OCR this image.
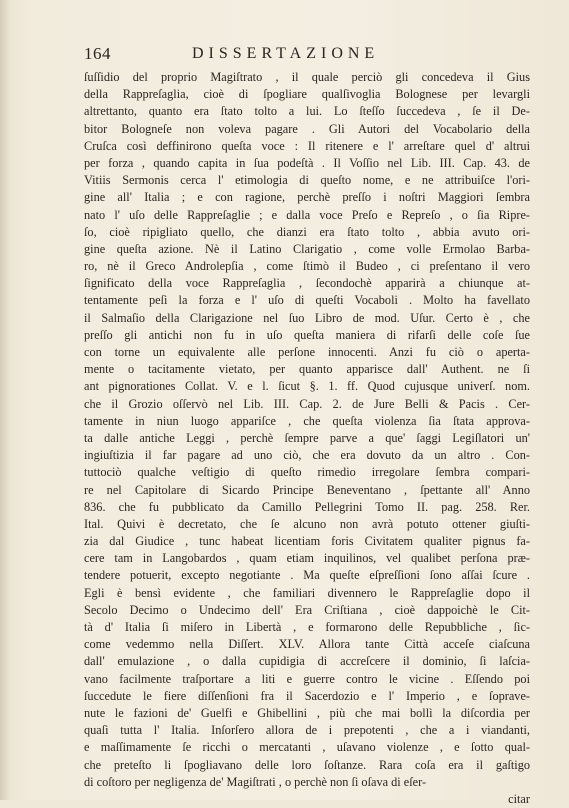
164	DISSERTAZIONE
ſuſſidio del proprio Magiſtrato , il quale perciò gli concedeva il Gius
della Rappreſaglia, cioè di ſpogliare qualſivoglia Bolognese per levargli
altrettanto, quanto era ſtato tolto a lui. Lo ſteſſo ſuccedeva , ſe il De-
bitor Bologneſe non voleva pagare . Gli Autori del Vocabolario della
Cruſca così deffinirono queſta voce : Il ritenere e l' arreſtare quel d' altrui
per forza , quando capita in ſua podeſtà . Il Voſſio nel Lib. III. Cap. 43. de
Vitiis Sermonis cerca l' etimologia di queſto nome, e ne attribuiſce l'ori-
gine all' Italia ; e con ragione, perchè preſſo i noſtri Maggiori ſembra
nato l' uſo delle Rappreſaglie ; e dalla voce Preſo e Repreſo , o ſia Ripre-
ſo, cioè ripigliato quello, che dianzi era ſtato tolto , abbia avuto ori-
gine queſta azione. Nè il Latino Clarigatio , come volle Ermolao Barba-
ro, nè il Greco Androlepſia , come ſtimò il Budeo , ci preſentano il vero
ſignificato della voce Rappreſaglia , ſecondochè apparirà a chiunque at-
tentamente peſi la forza e l' uſo di queſti Vocaboli . Molto ha favellato
il Salmaſio della Clarigazione nel ſuo Libro de mod. Uſur. Certo è , che
preſſo gli antichi non fu in uſo queſta maniera di rifarſi delle coſe ſue
con torne un equivalente alle perſone innocenti. Anzi fu ciò o aperta-
mente o tacitamente vietato, per quanto apparisce dall' Authent. ne ſi
ant pignorationes Collat. V. e l. ſicut §. 1. ff. Quod cujusque univerſ. nom.
che il Grozio oſſervò nel Lib. III. Cap. 2. de Jure Belli & Pacis . Cer-
tamente in niun luogo appariſce , che queſta violenza ſia ſtata approva-
ta dalle antiche Leggi , perchè ſempre parve a que' ſaggi Legiſlatori un'
ingiuſtizia il far pagare ad uno ciò, che era dovuto da un altro . Con-
tuttociò qualche veſtigio di queſto rimedio irregolare ſembra compari-
re nel Capitolare di Sicardo Principe Beneventano , ſpettante all' Anno
836. che fu pubblicato da Camillo Pellegrini Tomo II. pag. 258. Rer.
Ital. Quivi è decretato, che ſe alcuno non avrà potuto ottener giuſti-
zia dal Giudice , tunc habeat licentiam foris Civitatem qualiter pignus fa-
cere tam in Langobardos , quam etiam inquilinos, vel qualibet perſona præ-
tendere potuerit, excepto negotiante . Ma queſte eſpreſſioni ſono aſſai ſcure .
Egli è bensì evidente , che familiari divennero le Rappreſaglie dopo il
Secolo Decimo o Undecimo dell' Era Criſtiana , cioè dappoichè le Cit-
tà d' Italia ſi miſero in Libertà , e formarono delle Repubbliche , ſic-
come vedemmo nella Diſſert. XLV. Allora tante Città acceſe ciaſcuna
dall' emulazione , o dalla cupidigia di accreſcere il dominio, ſi laſcia-
vano facilmente traſportare a liti e guerre contro le vicine . Eſſendo poi
ſuccedute le fiere diſſenſioni fra il Sacerdozio e l' Imperio , e ſoprave-
nute le fazioni de' Guelfi e Ghibellini , più che mai bollì la diſcordia per
quaſi tutta l' Italia. Inſorſero allora de i prepotenti , che a i viandanti,
e maſſimamente ſe ricchi o mercatanti , uſavano violenze , e ſotto qual-
che preteſto li ſpogliavano delle loro ſoſtanze. Rara coſa era il gaſtigo
di coſtoro per negligenza de' Magiſtrati , o perchè non ſi oſava di eſer-
citar
